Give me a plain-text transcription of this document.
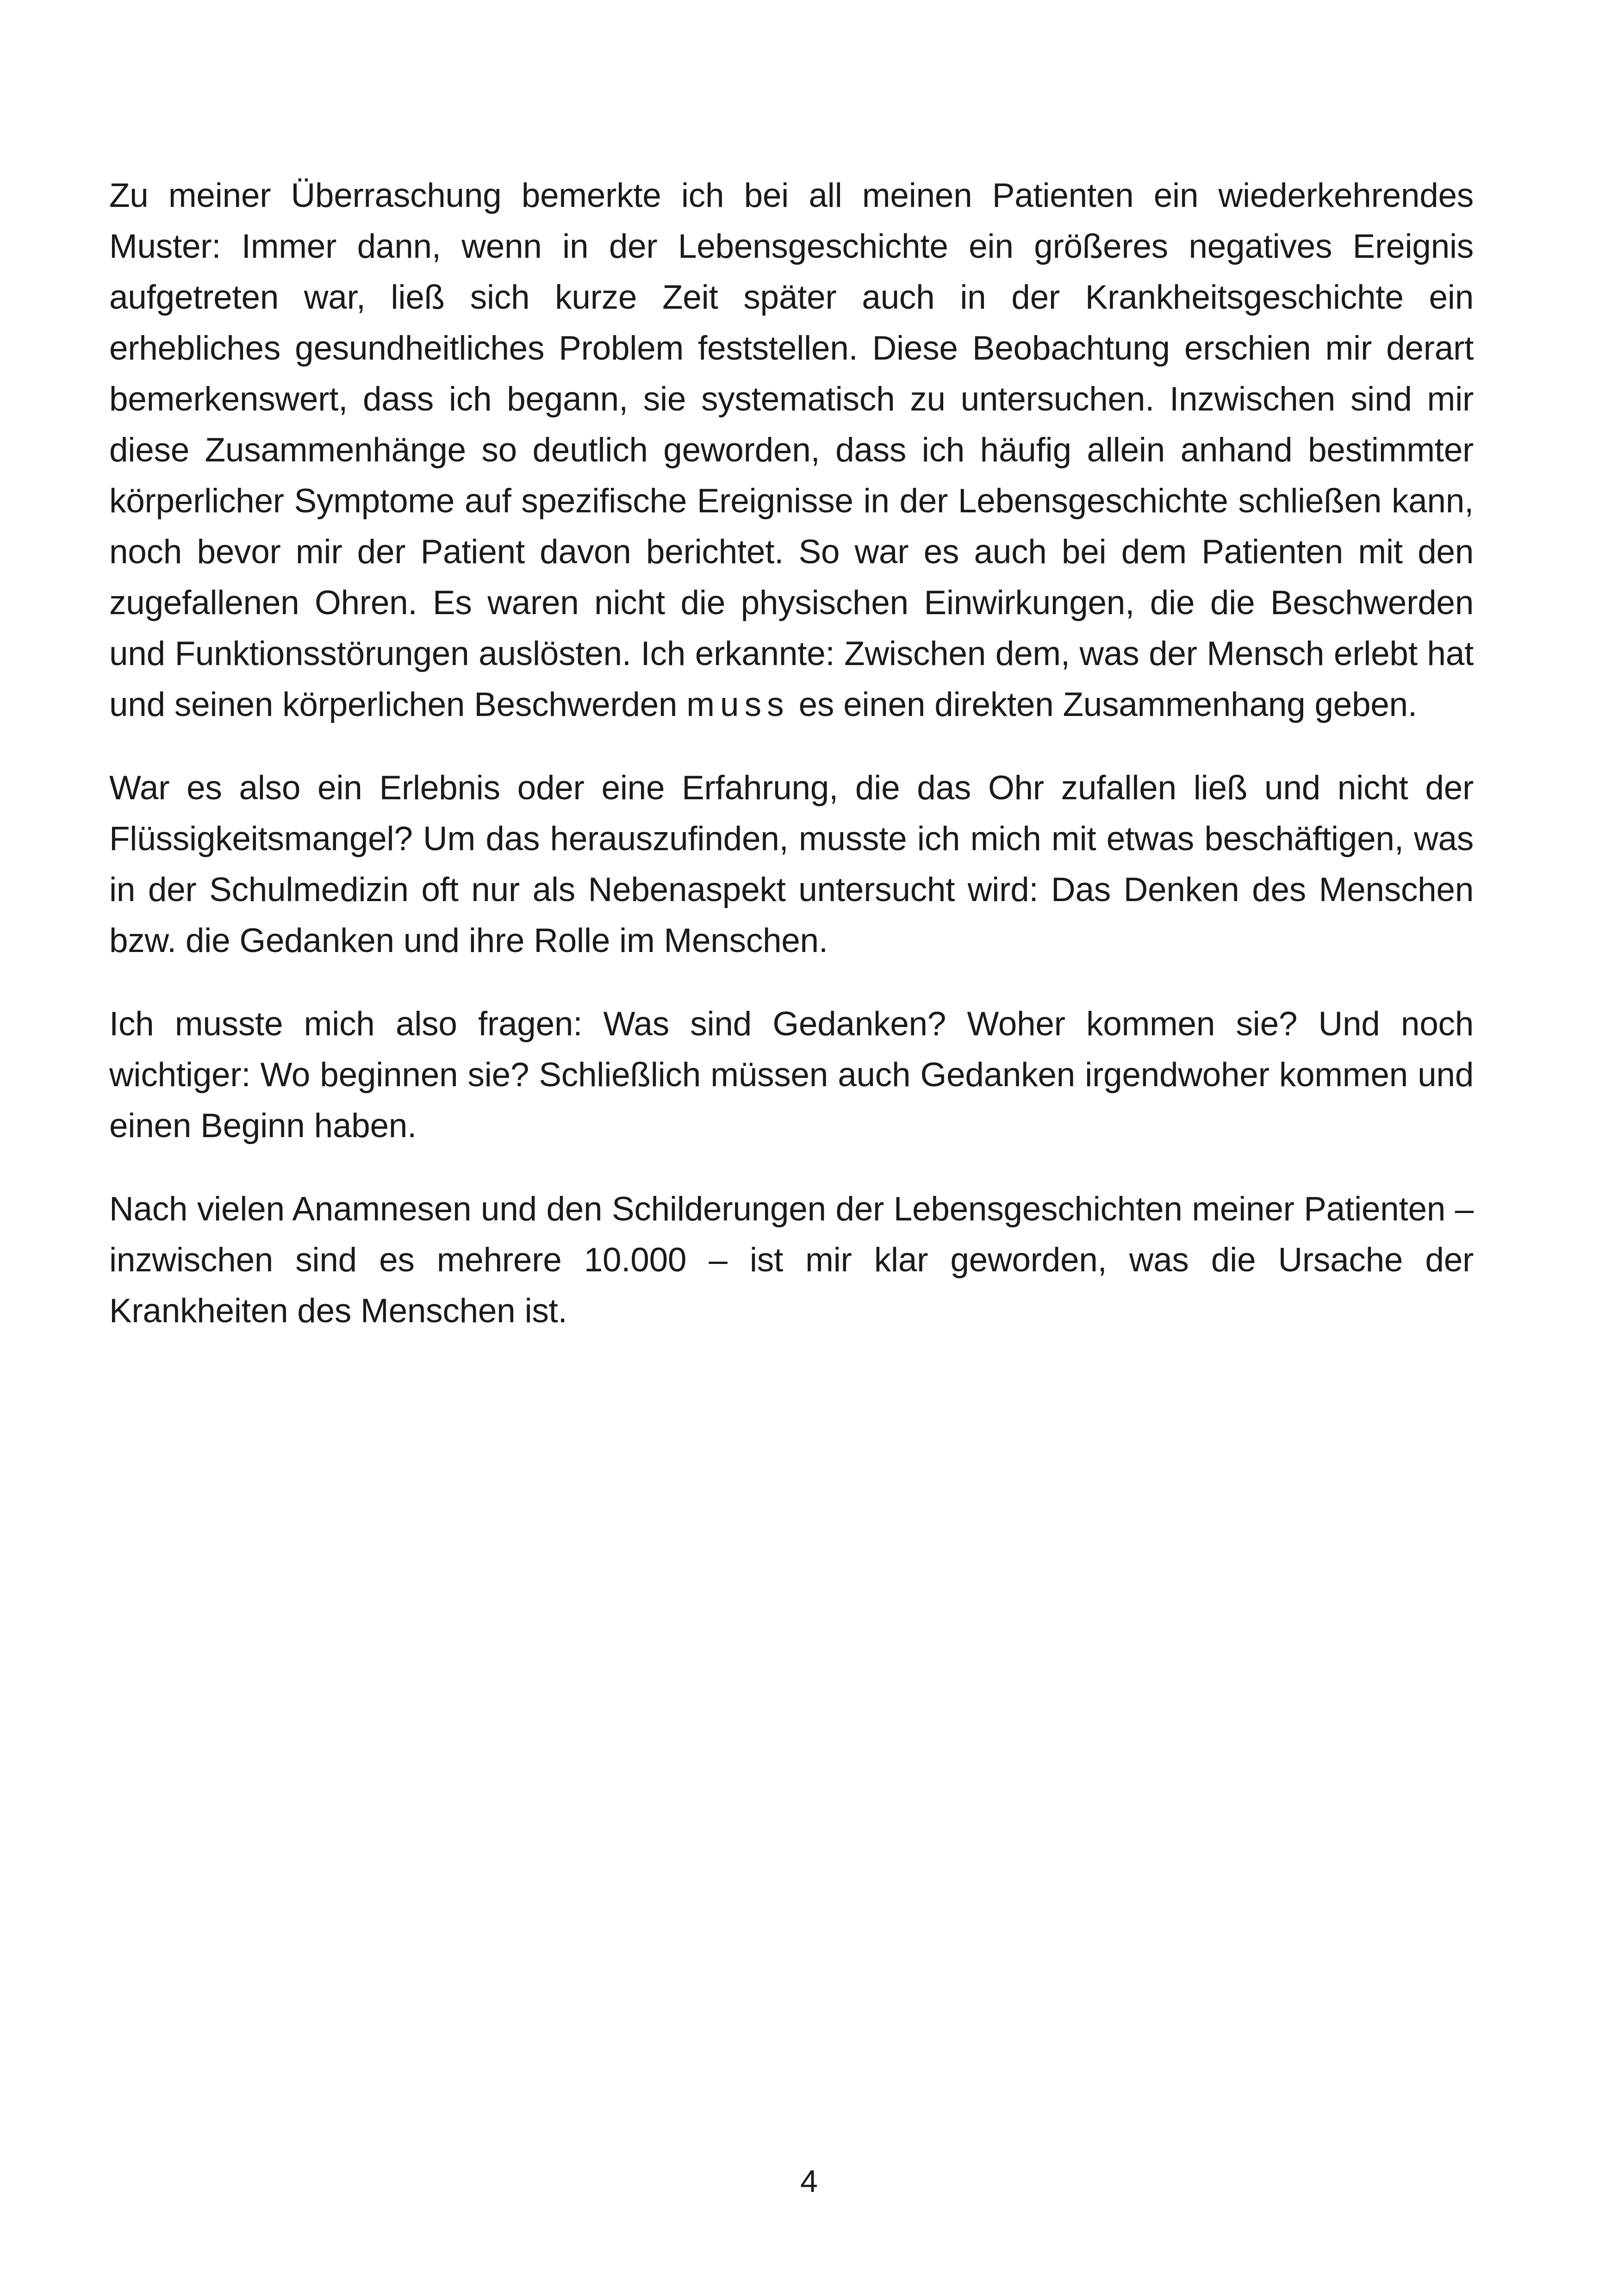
Zu meiner Überraschung bemerkte ich bei all meinen Patienten ein wiederkehrendes Muster: Immer dann, wenn in der Lebensgeschichte ein größeres negatives Ereignis aufgetreten war, ließ sich kurze Zeit später auch in der Krankheitsgeschichte ein erhebliches gesundheitliches Problem feststellen. Diese Beobachtung erschien mir derart bemerkenswert, dass ich begann, sie systematisch zu untersuchen. Inzwischen sind mir diese Zusammenhänge so deutlich geworden, dass ich häufig allein anhand bestimmter körperlicher Symptome auf spezifische Ereignisse in der Lebensgeschichte schließen kann, noch bevor mir der Patient davon berichtet. So war es auch bei dem Patienten mit den zugefallenen Ohren. Es waren nicht die physischen Einwirkungen, die die Beschwerden und Funktionsstörungen auslösten. Ich erkannte: Zwischen dem, was der Mensch erlebt hat und seinen körperlichen Beschwerden muss es einen direkten Zusammenhang geben.

War es also ein Erlebnis oder eine Erfahrung, die das Ohr zufallen ließ und nicht der Flüssigkeitsmangel? Um das herauszufinden, musste ich mich mit etwas beschäftigen, was in der Schulmedizin oft nur als Nebenaspekt untersucht wird: Das Denken des Menschen bzw. die Gedanken und ihre Rolle im Menschen.

Ich musste mich also fragen: Was sind Gedanken? Woher kommen sie? Und noch wichtiger: Wo beginnen sie? Schließlich müssen auch Gedanken irgendwoher kommen und einen Beginn haben.

Nach vielen Anamnesen und den Schilderungen der Lebensgeschichten meiner Patienten – inzwischen sind es mehrere 10.000 – ist mir klar geworden, was die Ursache der Krankheiten des Menschen ist.

4
